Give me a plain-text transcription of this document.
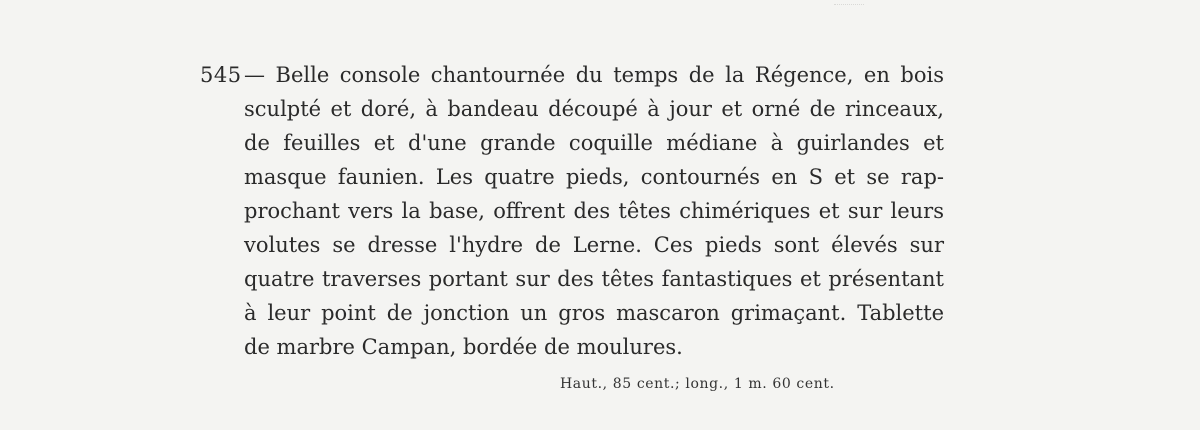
545 — Belle console chantournée du temps de la Régence, en bois
sculpté et doré, à bandeau découpé à jour et orné de rinceaux,
de feuilles et d'une grande coquille médiane à guirlandes et
masque faunien. Les quatre pieds, contournés en S et se rap-
prochant vers la base, offrent des têtes chimériques et sur leurs
volutes se dresse l'hydre de Lerne. Ces pieds sont élevés sur
quatre traverses portant sur des têtes fantastiques et présentant
à leur point de jonction un gros mascaron grimaçant. Tablette
de marbre Campan, bordée de moulures.
Haut., 85 cent.; long., 1 m. 60 cent.
